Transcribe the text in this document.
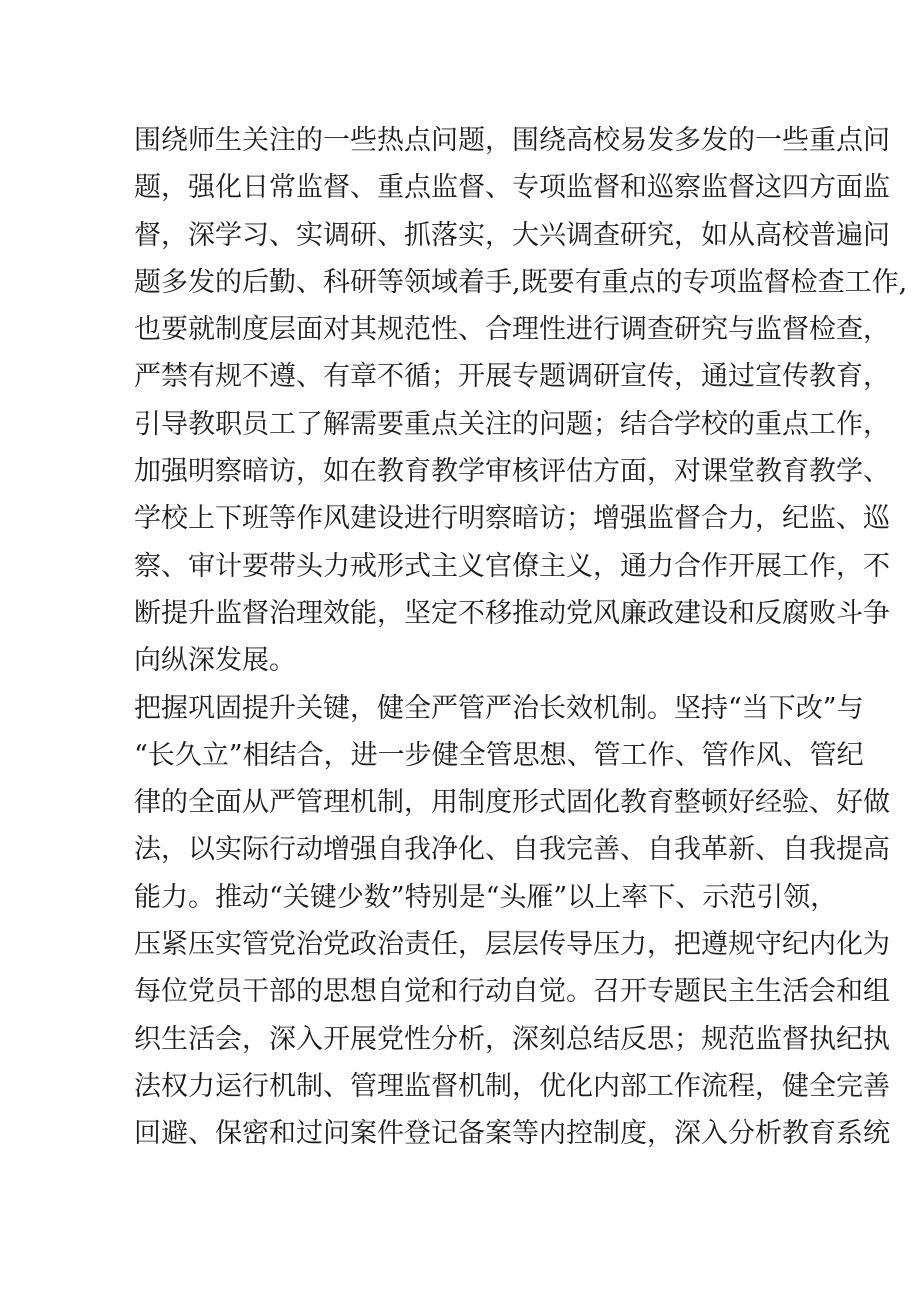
围绕师生关注的一些热点问题，围绕高校易发多发的一些重点问
题，强化日常监督、重点监督、专项监督和巡察监督这四方面监
督，深学习、实调研、抓落实，大兴调查研究，如从高校普遍问
题多发的后勤、科研等领域着手,既要有重点的专项监督检查工作,
也要就制度层面对其规范性、合理性进行调查研究与监督检查，
严禁有规不遵、有章不循；开展专题调研宣传，通过宣传教育，
引导教职员工了解需要重点关注的问题；结合学校的重点工作，
加强明察暗访，如在教育教学审核评估方面，对课堂教育教学、
学校上下班等作风建设进行明察暗访；增强监督合力，纪监、巡
察、审计要带头力戒形式主义官僚主义，通力合作开展工作，不
断提升监督治理效能，坚定不移推动党风廉政建设和反腐败斗争
向纵深发展。
把握巩固提升关键，健全严管严治长效机制。坚持“当下改”与
“长久立”相结合，进一步健全管思想、管工作、管作风、管纪
律的全面从严管理机制，用制度形式固化教育整顿好经验、好做
法，以实际行动增强自我净化、自我完善、自我革新、自我提高
能力。推动“关键少数”特别是“头雁”以上率下、示范引领，
压紧压实管党治党政治责任，层层传导压力，把遵规守纪内化为
每位党员干部的思想自觉和行动自觉。召开专题民主生活会和组
织生活会，深入开展党性分析，深刻总结反思；规范监督执纪执
法权力运行机制、管理监督机制，优化内部工作流程，健全完善
回避、保密和过问案件登记备案等内控制度，深入分析教育系统
